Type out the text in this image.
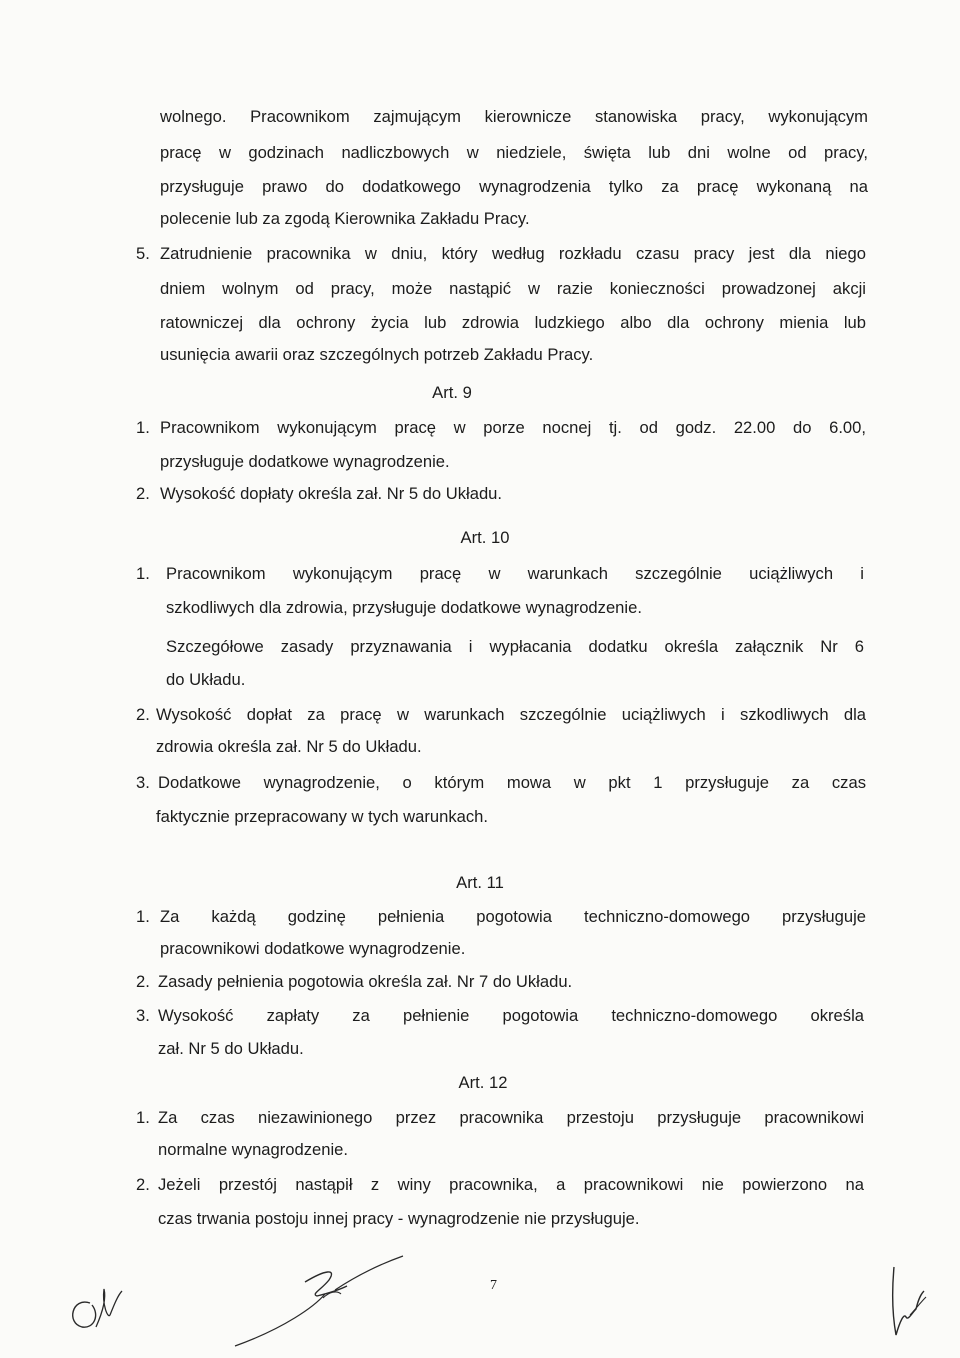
wolnego. Pracownikom zajmującym kierownicze stanowiska pracy, wykonującym
pracę w godzinach nadliczbowych w niedziele, święta lub dni wolne od pracy,
przysługuje prawo do dodatkowego wynagrodzenia tylko za pracę wykonaną na
polecenie lub za zgodą Kierownika Zakładu Pracy.
5. Zatrudnienie pracownika w dniu, który według rozkładu czasu pracy jest dla niego
dniem wolnym od pracy, może nastąpić w razie konieczności prowadzonej akcji
ratowniczej dla ochrony życia lub zdrowia ludzkiego albo dla ochrony mienia lub
usunięcia awarii oraz szczególnych potrzeb Zakładu Pracy.
Art. 9
1. Pracownikom wykonującym pracę w porze nocnej tj. od godz. 22.00 do 6.00,
przysługuje dodatkowe wynagrodzenie.
2. Wysokość dopłaty określa zał. Nr 5 do Układu.
Art. 10
1. Pracownikom wykonującym pracę w warunkach szczególnie uciążliwych i
szkodliwych dla zdrowia, przysługuje dodatkowe wynagrodzenie.
Szczegółowe zasady przyznawania i wypłacania dodatku określa załącznik Nr 6
do Układu.
2. Wysokość dopłat za pracę w warunkach szczególnie uciążliwych i szkodliwych dla
zdrowia określa zał. Nr 5 do Układu.
3. Dodatkowe wynagrodzenie, o którym mowa w pkt 1 przysługuje za czas
faktycznie przepracowany w tych warunkach.
Art. 11
1. Za każdą godzinę pełnienia pogotowia techniczno-domowego przysługuje
pracownikowi dodatkowe wynagrodzenie.
2. Zasady pełnienia pogotowia określa zał. Nr 7 do Układu.
3. Wysokość zapłaty za pełnienie pogotowia techniczno-domowego określa
zał. Nr 5 do Układu.
Art. 12
1. Za czas niezawinionego przez pracownika przestoju przysługuje pracownikowi
normalne wynagrodzenie.
2. Jeżeli przestój nastąpił z winy pracownika, a pracownikowi nie powierzono na
czas trwania postoju innej pracy - wynagrodzenie nie przysługuje.
7
